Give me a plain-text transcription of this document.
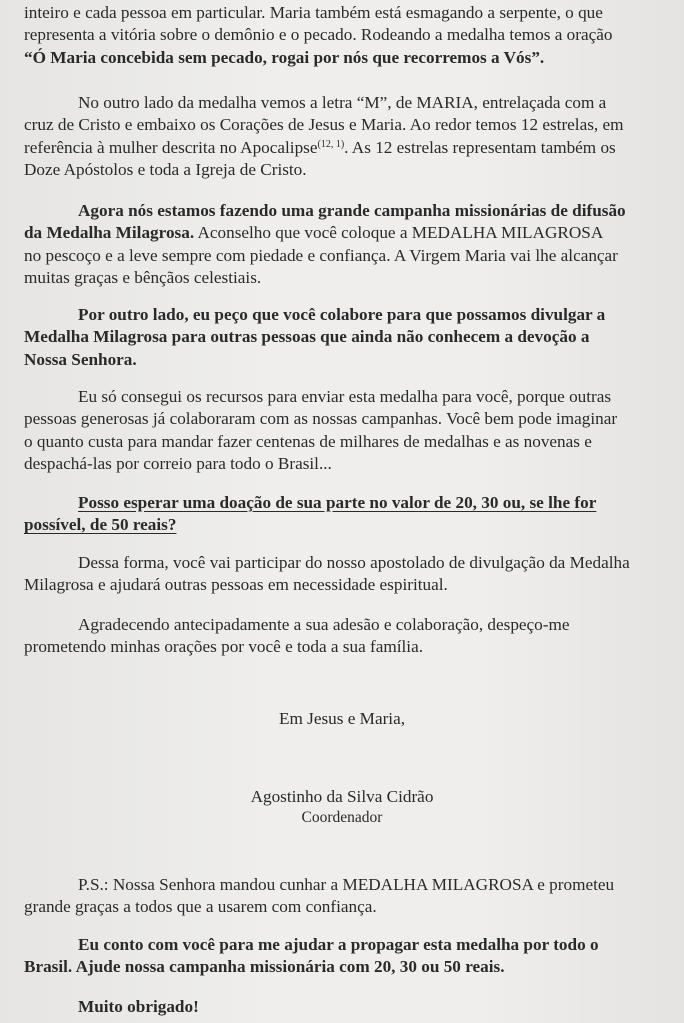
inteiro e cada pessoa em particular. Maria também está esmagando a serpente, o que
representa a vitória sobre o demônio e o pecado. Rodeando a medalha temos a oração
“Ó Maria concebida sem pecado, rogai por nós que recorremos a Vós”.
No outro lado da medalha vemos a letra “M”, de MARIA, entrelaçada com a
cruz de Cristo e embaixo os Corações de Jesus e Maria. Ao redor temos 12 estrelas, em
referência à mulher descrita no Apocalipse$^{(12, 1)}$. As 12 estrelas representam também os
Doze Apóstolos e toda a Igreja de Cristo.
Agora nós estamos fazendo uma grande campanha missionárias de difusão
da Medalha Milagrosa. Aconselho que você coloque a MEDALHA MILAGROSA
no pescoço e a leve sempre com piedade e confiança. A Virgem Maria vai lhe alcançar
muitas graças e bênçãos celestiais.
Por outro lado, eu peço que você colabore para que possamos divulgar a
Medalha Milagrosa para outras pessoas que ainda não conhecem a devoção a
Nossa Senhora.
Eu só consegui os recursos para enviar esta medalha para você, porque outras
pessoas generosas já colaboraram com as nossas campanhas. Você bem pode imaginar
o quanto custa para mandar fazer centenas de milhares de medalhas e as novenas e
despachá-las por correio para todo o Brasil...
Posso esperar uma doação de sua parte no valor de 20, 30 ou, se lhe for
possível, de 50 reais?
Dessa forma, você vai participar do nosso apostolado de divulgação da Medalha
Milagrosa e ajudará outras pessoas em necessidade espiritual.
Agradecendo antecipadamente a sua adesão e colaboração, despeço-me
prometendo minhas orações por você e toda a sua família.
Em Jesus e Maria,
Agostinho da Silva Cidrão
Coordenador
P.S.: Nossa Senhora mandou cunhar a MEDALHA MILAGROSA e prometeu
grande graças a todos que a usarem com confiança.
Eu conto com você para me ajudar a propagar esta medalha por todo o
Brasil. Ajude nossa campanha missionária com 20, 30 ou 50 reais.
Muito obrigado!
